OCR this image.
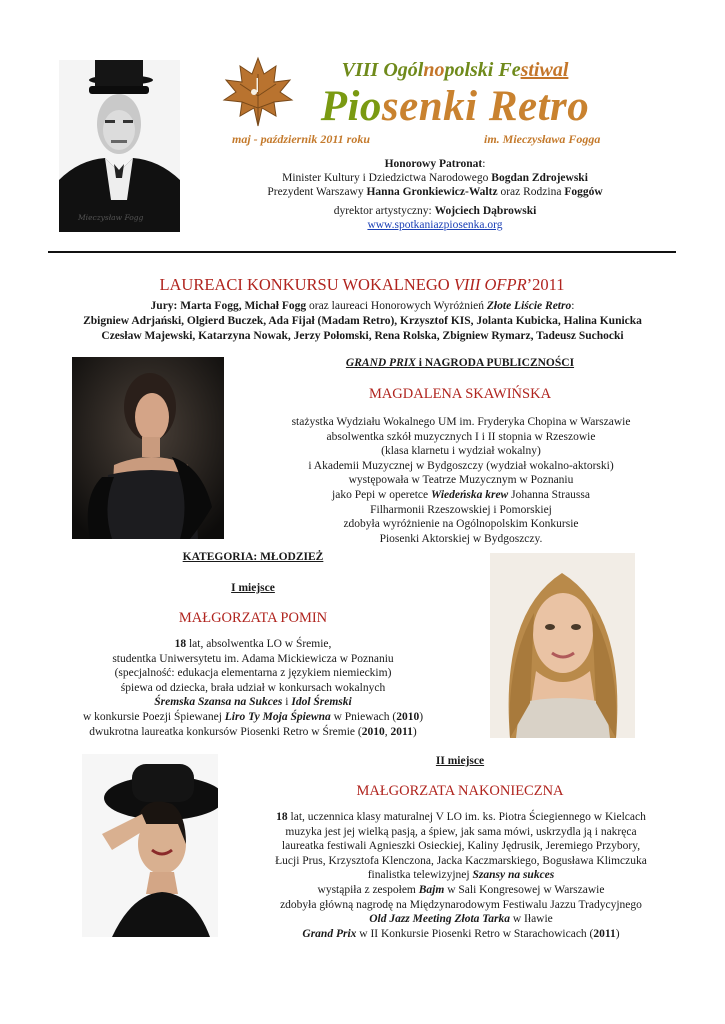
Mieczysław Fogg
VIII Ogólnopolski Festiwal
Piosenki Retro
maj - październik 2011 roku	im. Mieczysława Fogga
Honorowy Patronat:
Minister Kultury i Dziedzictwa Narodowego Bogdan Zdrojewski
Prezydent Warszawy Hanna Gronkiewicz-Waltz oraz Rodzina Foggów
dyrektor artystyczny: Wojciech Dąbrowski
www.spotkaniazpiosenka.org
LAUREACI KONKURSU WOKALNEGO VIII OFPR’2011
Jury: Marta Fogg, Michał Fogg oraz laureaci Honorowych Wyróżnień Złote Liście Retro:
Zbigniew Adrjański, Olgierd Buczek, Ada Fijał (Madam Retro), Krzysztof KIS, Jolanta Kubicka, Halina Kunicka
Czesław Majewski, Katarzyna Nowak, Jerzy Połomski, Rena Rolska, Zbigniew Rymarz, Tadeusz Suchocki
GRAND PRIX i NAGRODA PUBLICZNOŚCI
MAGDALENA SKAWIŃSKA
stażystka Wydziału Wokalnego UM im. Fryderyka Chopina w Warszawie
absolwentka szkół muzycznych I i II stopnia w Rzeszowie
(klasa klarnetu i wydział wokalny)
i Akademii Muzycznej w Bydgoszczy (wydział wokalno-aktorski)
występowała w Teatrze Muzycznym w Poznaniu
jako Pepi w operetce Wiedeńska krew Johanna Straussa
Filharmonii Rzeszowskiej i Pomorskiej
zdobyła wyróżnienie na Ogólnopolskim Konkursie
Piosenki Aktorskiej w Bydgoszczy.
KATEGORIA: MŁODZIEŻ
I miejsce
MAŁGORZATA POMIN
18 lat, absolwentka LO w Śremie,
studentka Uniwersytetu im. Adama Mickiewicza w Poznaniu
(specjalność: edukacja elementarna z językiem niemieckim)
śpiewa od dziecka, brała udział w konkursach wokalnych
Śremska Szansa na Sukces i Idol Śremski
w konkursie Poezji Śpiewanej Liro Ty Moja Śpiewna w Pniewach (2010)
dwukrotna laureatka konkursów Piosenki Retro w Śremie (2010, 2011)
II miejsce
MAŁGORZATA NAKONIECZNA
18 lat, uczennica klasy maturalnej V LO im. ks. Piotra Ściegiennego w Kielcach
muzyka jest jej wielką pasją, a śpiew, jak sama mówi, uskrzydla ją i nakręca
laureatka festiwali Agnieszki Osieckiej, Kaliny Jędrusik, Jeremiego Przybory,
Łucji Prus, Krzysztofa Klenczona, Jacka Kaczmarskiego, Bogusława Klimczuka
finalistka telewizyjnej Szansy na sukces
wystąpiła z zespołem Bajm w Sali Kongresowej w Warszawie
zdobyła główną nagrodę na Międzynarodowym Festiwalu Jazzu Tradycyjnego
Old Jazz Meeting Złota Tarka w Iławie
Grand Prix w II Konkursie Piosenki Retro w Starachowicach (2011)
